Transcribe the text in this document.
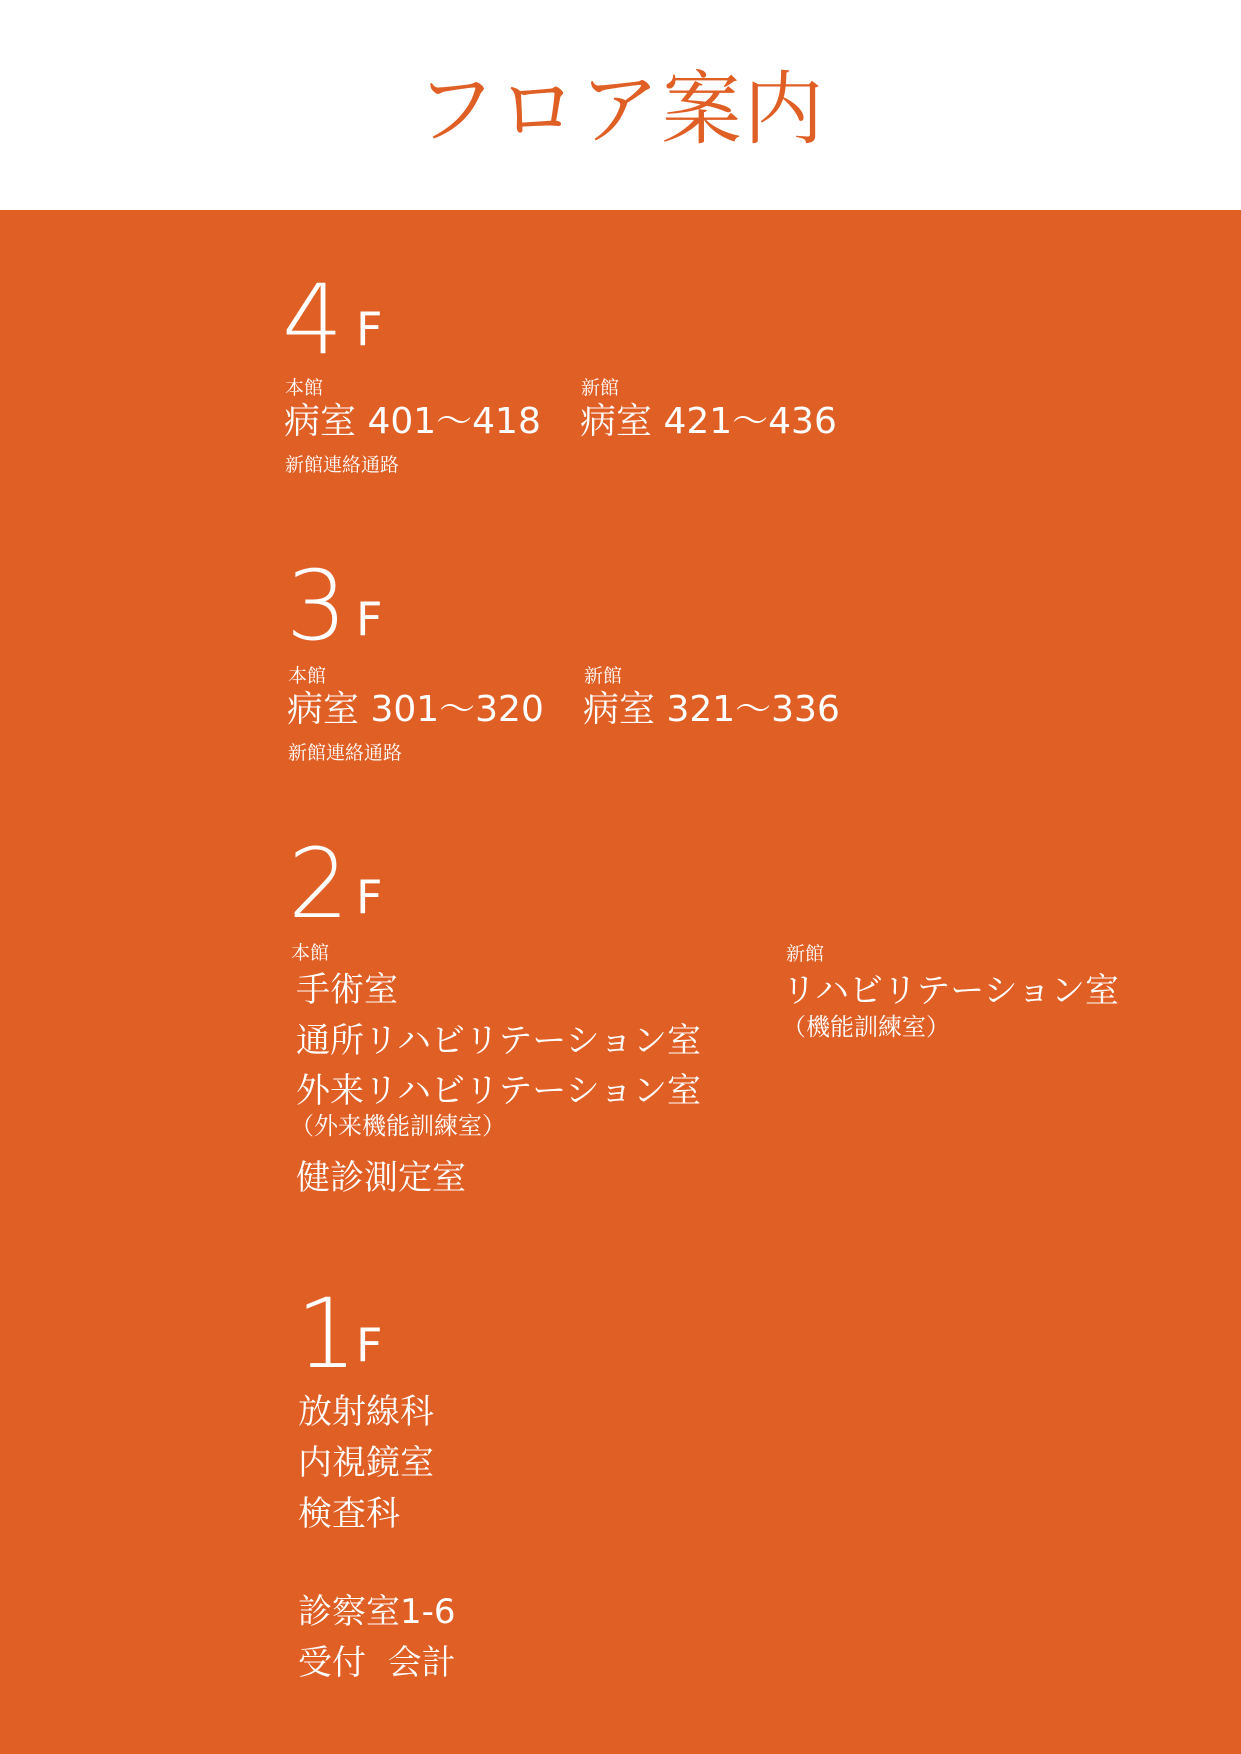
フロア案内
4 F
本館
病室 401〜418
新館連絡通路
新館
病室 421〜436
3 F
本館
病室 301〜320
新館連絡通路
新館
病室 321〜336
2 F
本館
手術室
通所リハビリテーション室
外来リハビリテーション室
（外来機能訓練室）
健診測定室
新館
リハビリテーション室
（機能訓練室）
1
F
放射線科
内視鏡室
検査科
診察室1-6
受付  会計
